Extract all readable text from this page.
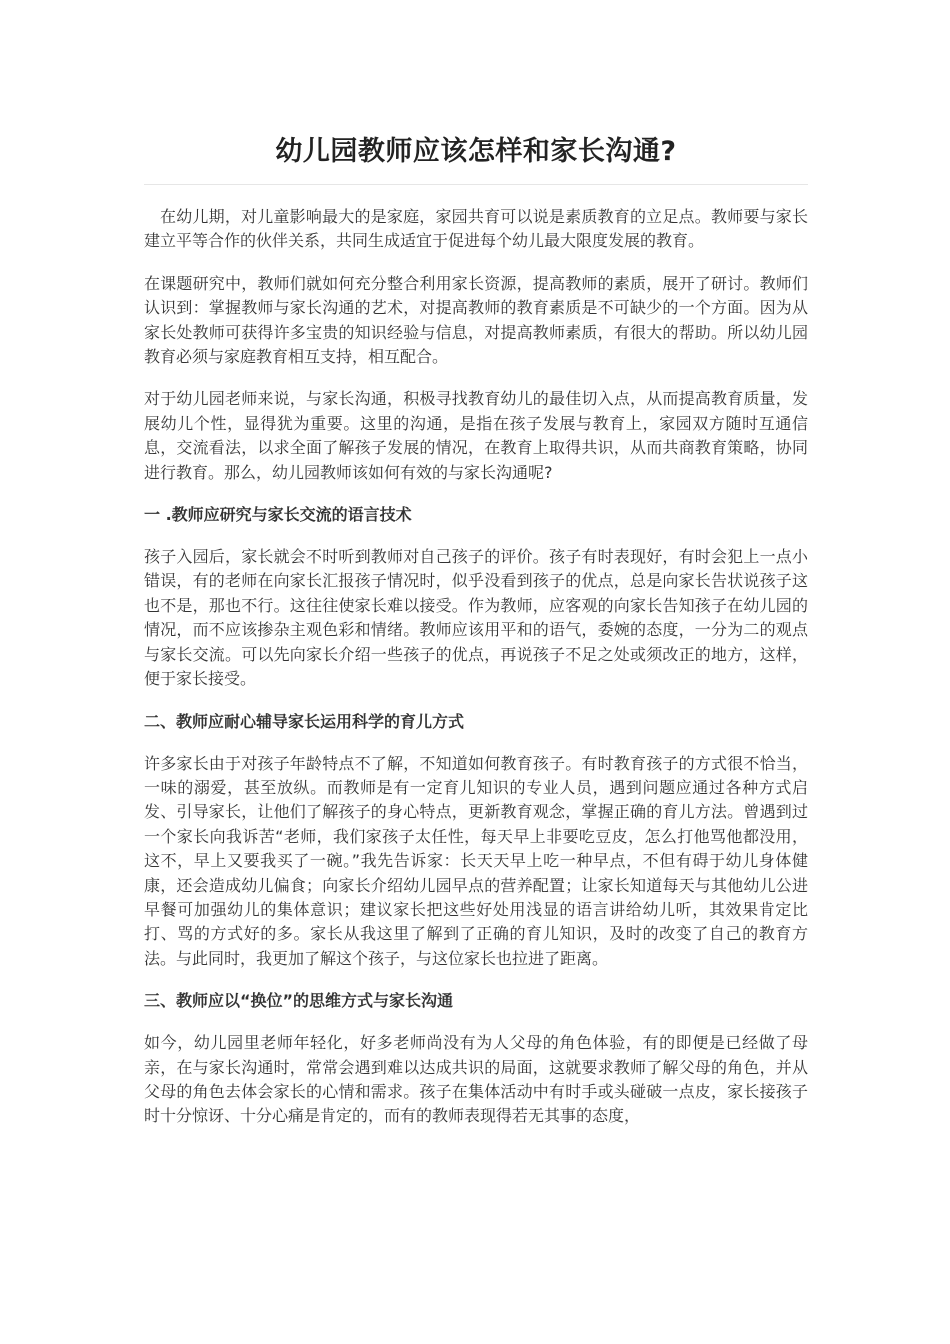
幼儿园教师应该怎样和家长沟通?

在幼儿期，对儿童影响最大的是家庭，家园共育可以说是素质教育的立足点。教师要与家长建立平等合作的伙伴关系，共同生成适宜于促进每个幼儿最大限度发展的教育。

在课题研究中，教师们就如何充分整合利用家长资源，提高教师的素质，展开了研讨。教师们认识到：掌握教师与家长沟通的艺术，对提高教师的教育素质是不可缺少的一个方面。因为从家长处教师可获得许多宝贵的知识经验与信息，对提高教师素质，有很大的帮助。所以幼儿园教育必须与家庭教育相互支持，相互配合。

对于幼儿园老师来说，与家长沟通，积极寻找教育幼儿的最佳切入点，从而提高教育质量，发展幼儿个性，显得犹为重要。这里的沟通，是指在孩子发展与教育上，家园双方随时互通信息，交流看法，以求全面了解孩子发展的情况，在教育上取得共识，从而共商教育策略，协同进行教育。那么，幼儿园教师该如何有效的与家长沟通呢?

一 .教师应研究与家长交流的语言技术

孩子入园后，家长就会不时听到教师对自己孩子的评价。孩子有时表现好，有时会犯上一点小错误，有的老师在向家长汇报孩子情况时，似乎没看到孩子的优点，总是向家长告状说孩子这也不是，那也不行。这往往使家长难以接受。作为教师，应客观的向家长告知孩子在幼儿园的情况，而不应该掺杂主观色彩和情绪。教师应该用平和的语气，委婉的态度，一分为二的观点与家长交流。可以先向家长介绍一些孩子的优点，再说孩子不足之处或须改正的地方，这样，便于家长接受。

二、教师应耐心辅导家长运用科学的育儿方式

许多家长由于对孩子年龄特点不了解，不知道如何教育孩子。有时教育孩子的方式很不恰当，一味的溺爱，甚至放纵。而教师是有一定育儿知识的专业人员，遇到问题应通过各种方式启发、引导家长，让他们了解孩子的身心特点，更新教育观念，掌握正确的育儿方法。曾遇到过一个家长向我诉苦“老师，我们家孩子太任性，每天早上非要吃豆皮，怎么打他骂他都没用，这不，早上又要我买了一碗。”我先告诉家：长天天早上吃一种早点，不但有碍于幼儿身体健康，还会造成幼儿偏食；向家长介绍幼儿园早点的营养配置；让家长知道每天与其他幼儿公进早餐可加强幼儿的集体意识；建议家长把这些好处用浅显的语言讲给幼儿听，其效果肯定比打、骂的方式好的多。家长从我这里了解到了正确的育儿知识，及时的改变了自己的教育方法。与此同时，我更加了解这个孩子，与这位家长也拉进了距离。

三、教师应以“换位”的思维方式与家长沟通

如今，幼儿园里老师年轻化，好多老师尚没有为人父母的角色体验，有的即便是已经做了母亲，在与家长沟通时，常常会遇到难以达成共识的局面，这就要求教师了解父母的角色，并从父母的角色去体会家长的心情和需求。孩子在集体活动中有时手或头碰破一点皮，家长接孩子时十分惊讶、十分心痛是肯定的，而有的教师表现得若无其事的态度，
